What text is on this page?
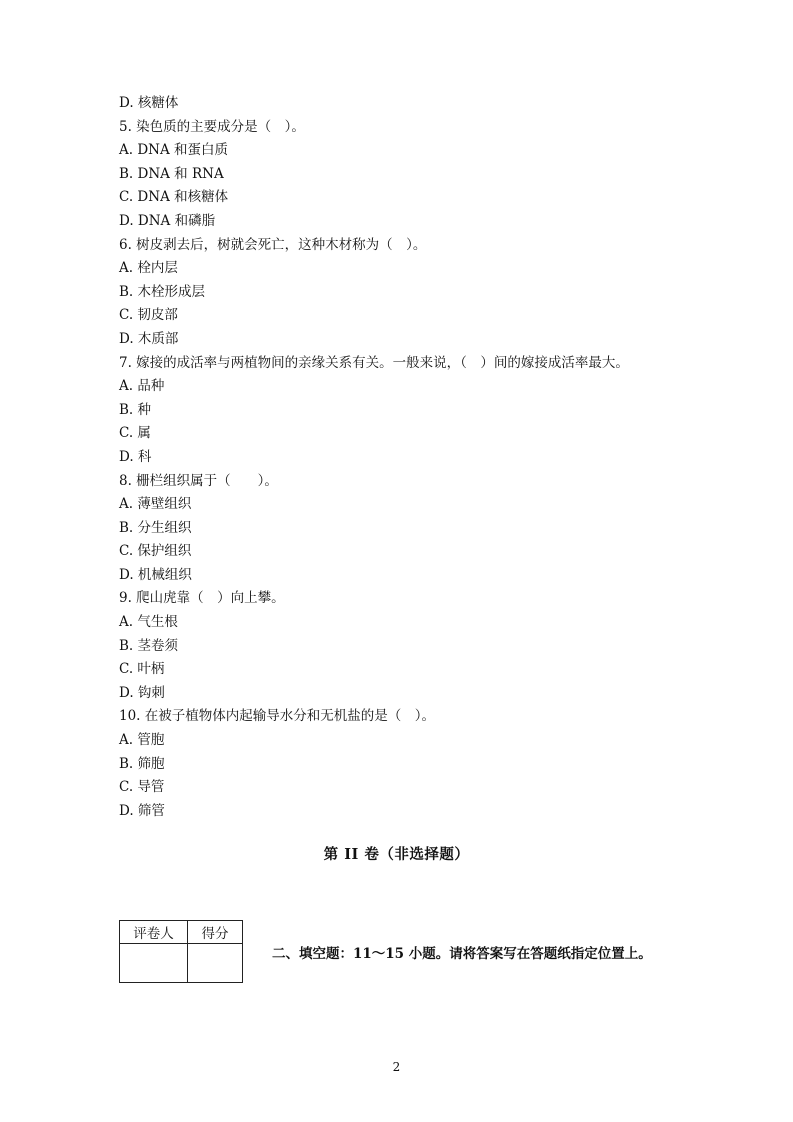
D. 核糖体
5. 染色质的主要成分是（　）。
A. DNA 和蛋白质
B. DNA 和 RNA
C. DNA 和核糖体
D. DNA 和磷脂
6. 树皮剥去后，树就会死亡，这种木材称为（　）。
A. 栓内层
B. 木栓形成层
C. 韧皮部
D. 木质部
7. 嫁接的成活率与两植物间的亲缘关系有关。一般来说，（　）间的嫁接成活率最大。
A. 品种
B. 种
C. 属
D. 科
8. 栅栏组织属于（　　）。
A. 薄壁组织
B. 分生组织
C. 保护组织
D. 机械组织
9. 爬山虎靠（　）向上攀。
A. 气生根
B. 茎卷须
C. 叶柄
D. 钩刺
10. 在被子植物体内起输导水分和无机盐的是（　）。
A. 管胞
B. 筛胞
C. 导管
D. 筛管
第 II 卷（非选择题）
评卷人	得分

二、填空题：11～15 小题。请将答案写在答题纸指定位置上。
2
